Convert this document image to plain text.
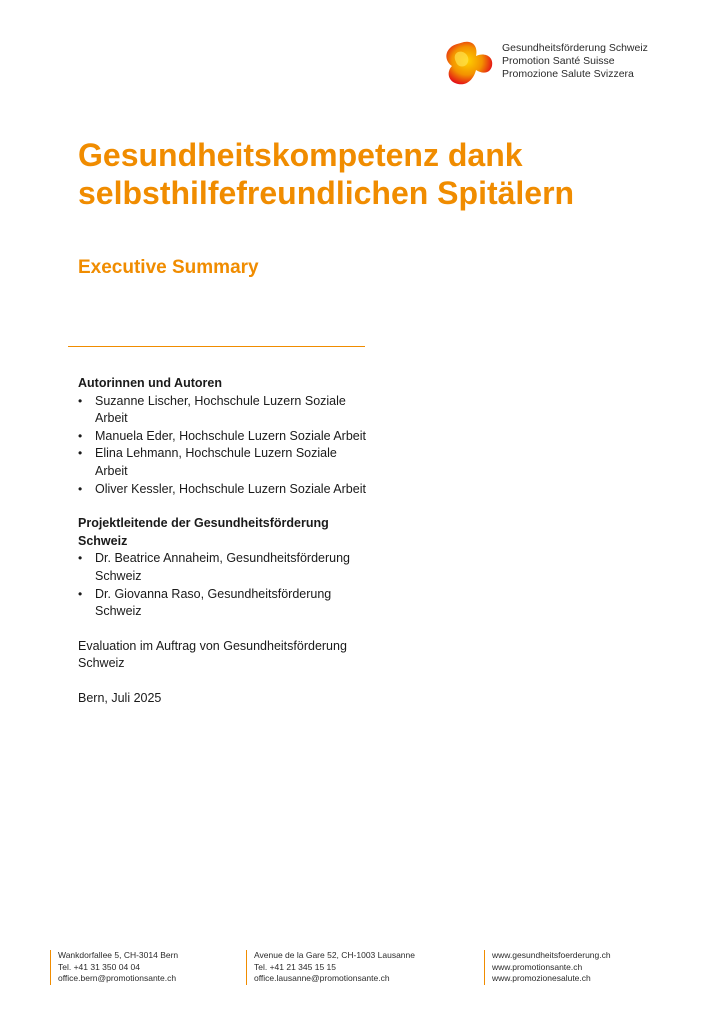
Gesundheitsförderung Schweiz
Promotion Santé Suisse
Promozione Salute Svizzera
Gesundheitskompetenz dank
selbsthilfefreundlichen Spitälern
Executive Summary

Autorinnen und Autoren

• Suzanne Lischer, Hochschule Luzern Soziale Arbeit
• Manuela Eder, Hochschule Luzern Soziale Arbeit
• Elina Lehmann, Hochschule Luzern Soziale Arbeit
• Oliver Kessler, Hochschule Luzern Soziale Arbeit

Projektleitende der Gesundheitsförderung Schweiz

• Dr. Beatrice Annaheim, Gesundheitsförderung Schweiz
• Dr. Giovanna Raso, Gesundheitsförderung Schweiz

Evaluation im Auftrag von Gesundheitsförderung Schweiz

Bern, Juli 2025

Wankdorfallee 5, CH-3014 Bern
Tel. +41 31 350 04 04
office.bern@promotionsante.ch
Avenue de la Gare 52, CH-1003 Lausanne
Tel. +41 21 345 15 15
office.lausanne@promotionsante.ch
www.gesundheitsfoerderung.ch
www.promotionsante.ch
www.promozionesalute.ch
